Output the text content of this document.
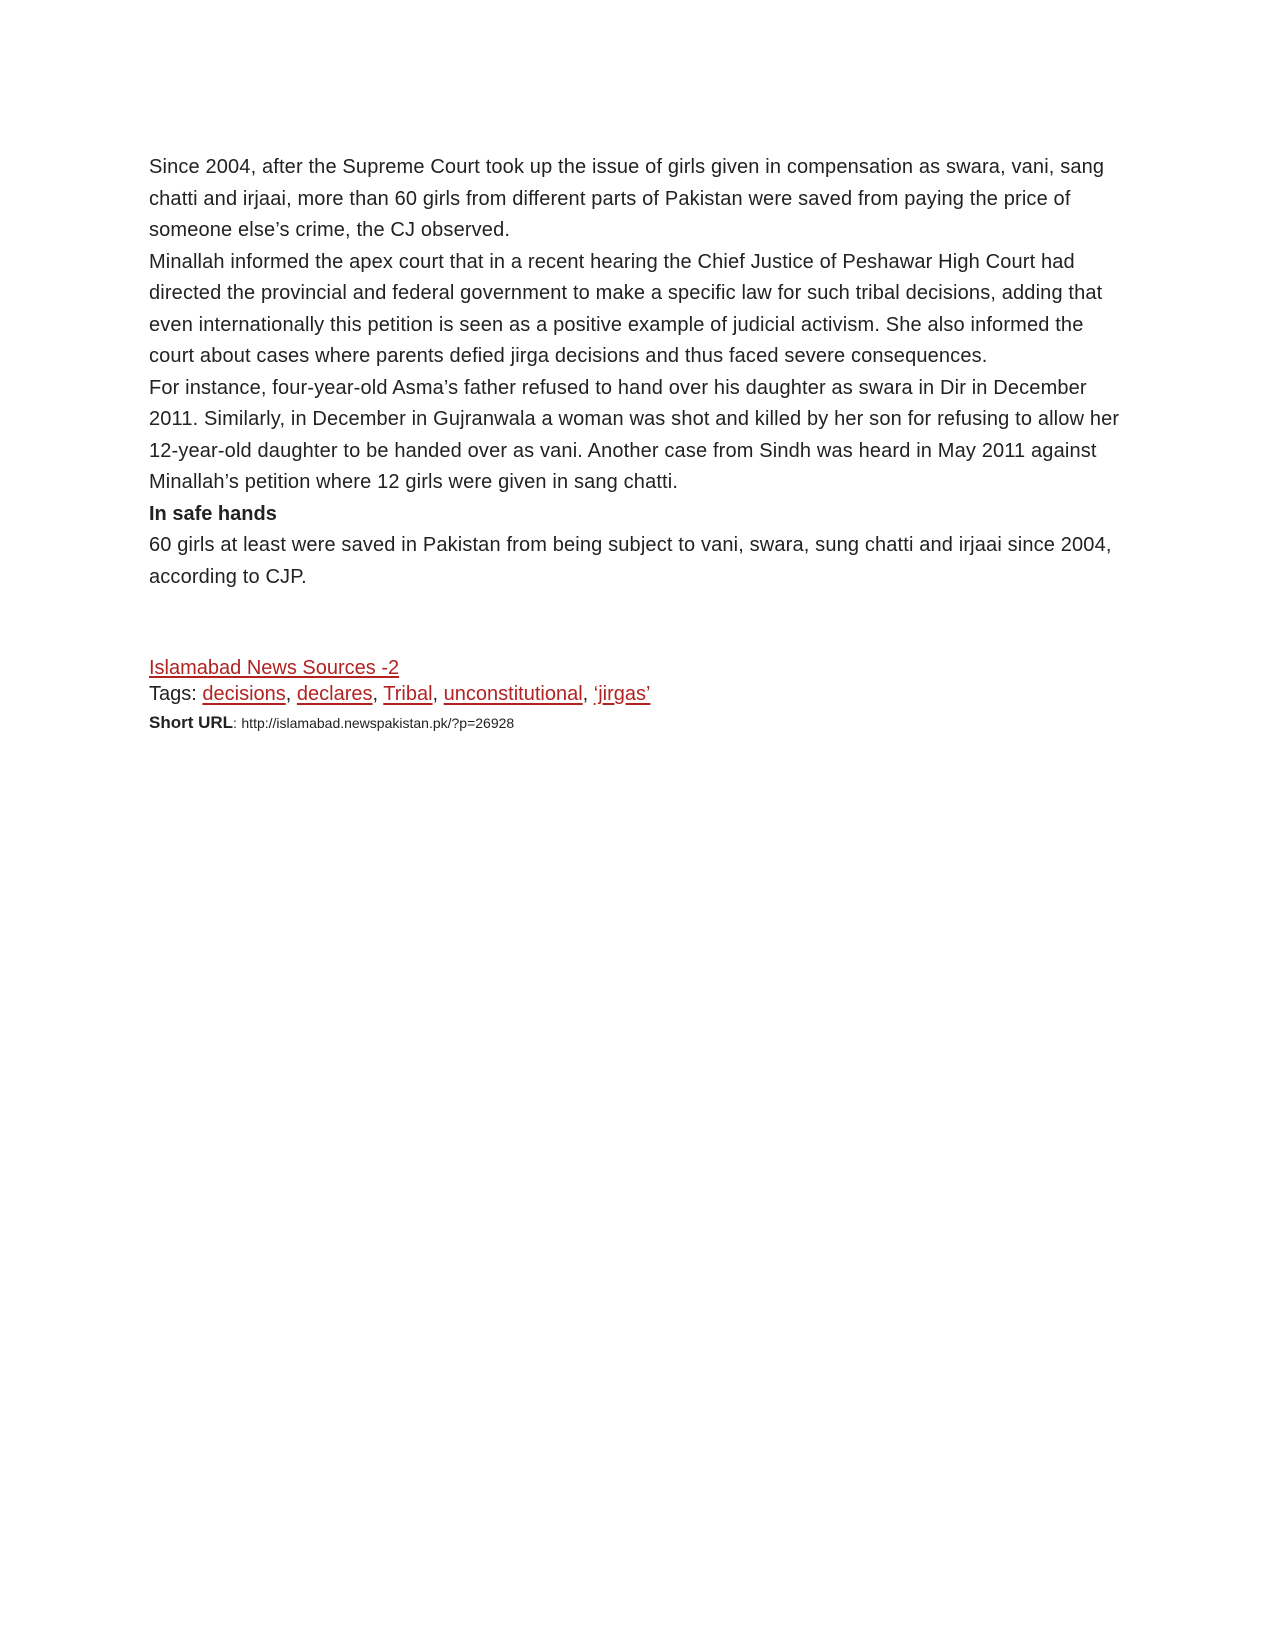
Since 2004, after the Supreme Court took up the issue of girls given in compensation as swara, vani, sang chatti and irjaai, more than 60 girls from different parts of Pakistan were saved from paying the price of someone else’s crime, the CJ observed.

Minallah informed the apex court that in a recent hearing the Chief Justice of Peshawar High Court had directed the provincial and federal government to make a specific law for such tribal decisions, adding that even internationally this petition is seen as a positive example of judicial activism. She also informed the court about cases where parents defied jirga decisions and thus faced severe consequences.

For instance, four-year-old Asma’s father refused to hand over his daughter as swara in Dir in December 2011. Similarly, in December in Gujranwala a woman was shot and killed by her son for refusing to allow her 12-year-old daughter to be handed over as vani. Another case from Sindh was heard in May 2011 against Minallah’s petition where 12 girls were given in sang chatti.

In safe hands

60 girls at least were saved in Pakistan from being subject to vani, swara, sung chatti and irjaai since 2004, according to CJP.

Islamabad News Sources -2

Tags: decisions, declares, Tribal, unconstitutional, ‘jirgas’

Short URL: http://islamabad.newspakistan.pk/?p=26928
